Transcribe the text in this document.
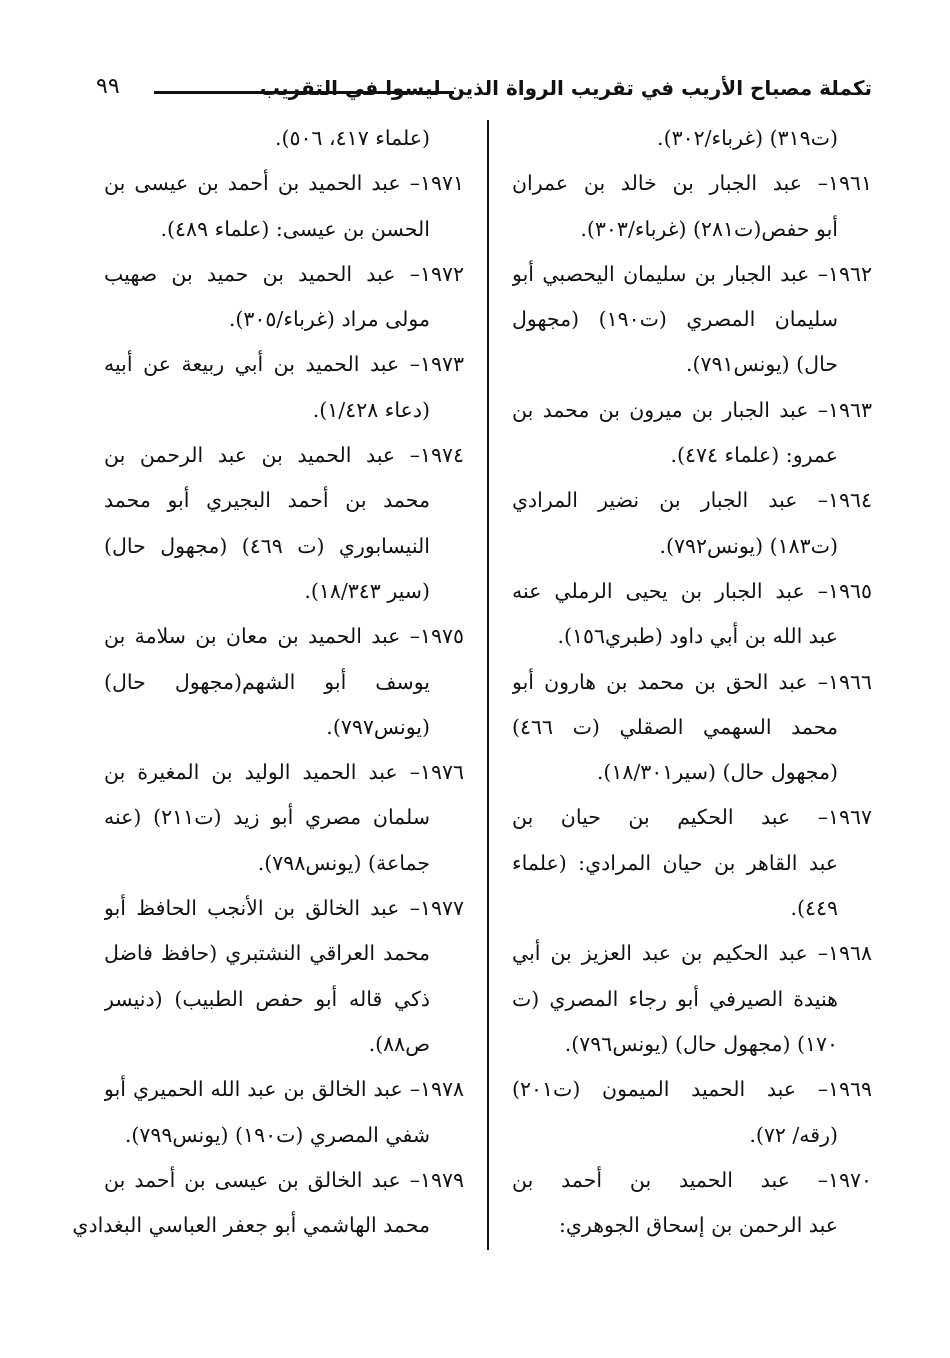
تكملة مصباح الأريب في تقريب الرواة الذين ليسوا في التقريب
٩٩
(ت٣١٩) (غرباء/٣٠٢).
١٩٦١– عبد الجبار بن خالد بن عمران
أبو حفص(ت٢٨١) (غرباء/٣٠٣).
١٩٦٢– عبد الجبار بن سليمان اليحصبي أبو
سليمان المصري (ت١٩٠) (مجهول
حال) (يونس٧٩١).
١٩٦٣– عبد الجبار بن ميرون بن محمد بن
عمرو: (علماء ٤٧٤).
١٩٦٤– عبد الجبار بن نضير المرادي
(ت١٨٣) (يونس٧٩٢).
١٩٦٥– عبد الجبار بن يحيى الرملي عنه
عبد الله بن أبي داود (طبري١٥٦).
١٩٦٦– عبد الحق بن محمد بن هارون أبو
محمد السهمي الصقلي (ت ٤٦٦)
(مجهول حال) (سير١٨/٣٠١).
١٩٦٧– عبد الحكيم بن حيان بن
عبد القاهر بن حيان المرادي: (علماء
٤٤٩).
١٩٦٨– عبد الحكيم بن عبد العزيز بن أبي
هنيدة الصيرفي أبو رجاء المصري (ت
١٧٠) (مجهول حال) (يونس٧٩٦).
١٩٦٩– عبد الحميد الميمون (ت٢٠١)
(رقه/ ٧٢).
١٩٧٠– عبد الحميد بن أحمد بن
عبد الرحمن بن إسحاق الجوهري:
(علماء ٤١٧، ٥٠٦).
١٩٧١– عبد الحميد بن أحمد بن عيسى بن
الحسن بن عيسى: (علماء ٤٨٩).
١٩٧٢– عبد الحميد بن حميد بن صهيب
مولى مراد (غرباء/٣٠٥).
١٩٧٣– عبد الحميد بن أبي ربيعة عن أبيه
(دعاء ١/٤٢٨).
١٩٧٤– عبد الحميد بن عبد الرحمن بن
محمد بن أحمد البجيري أبو محمد
النيسابوري (ت ٤٦٩) (مجهول حال)
(سير ١٨/٣٤٣).
١٩٧٥– عبد الحميد بن معان بن سلامة بن
يوسف أبو الشهم(مجهول حال)
(يونس٧٩٧).
١٩٧٦– عبد الحميد الوليد بن المغيرة بن
سلمان مصري أبو زيد (ت٢١١) (عنه
جماعة) (يونس٧٩٨).
١٩٧٧– عبد الخالق بن الأنجب الحافظ أبو
محمد العراقي النشتبري (حافظ فاضل
ذكي قاله أبو حفص الطبيب) (دنيسر
ص٨٨).
١٩٧٨– عبد الخالق بن عبد الله الحميري أبو
شفي المصري (ت١٩٠) (يونس٧٩٩).
١٩٧٩– عبد الخالق بن عيسى بن أحمد بن
محمد الهاشمي أبو جعفر العباسي البغدادي
